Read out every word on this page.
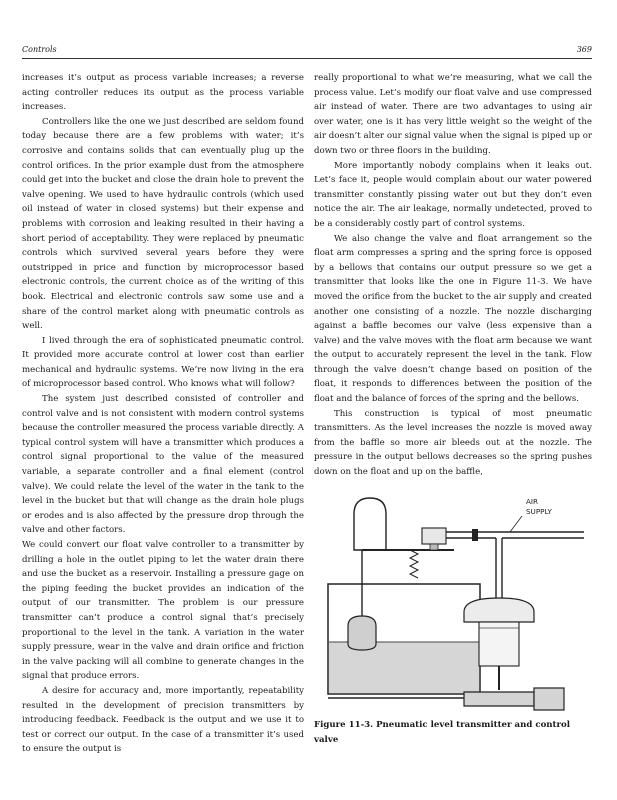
Controls	369

increases it’s output as process variable increases; a reverse acting controller reduces its output as the process variable increases.

Controllers like the one we just described are seldom found today because there are a few problems with water; it’s corrosive and contains solids that can eventually plug up the control orifices. In the prior example dust from the atmosphere could get into the bucket and close the drain hole to prevent the valve opening. We used to have hydraulic controls (which used oil instead of water in closed systems) but their expense and problems with corrosion and leaking resulted in their having a short period of acceptability. They were replaced by pneumatic controls which survived several years before they were outstripped in price and function by microprocessor based electronic controls, the current choice as of the writing of this book. Electrical and electronic controls saw some use and a share of the control market along with pneumatic controls as well.

I lived through the era of sophisticated pneumatic control. It provided more accurate control at lower cost than earlier mechanical and hydraulic systems. We’re now living in the era of microprocessor based control. Who knows what will follow?

The system just described consisted of controller and control valve and is not consistent with modern control systems because the controller measured the process variable directly. A typical control system will have a transmitter which produces a control signal proportional to the value of the measured variable, a separate controller and a final element (control valve). We could relate the level of the water in the tank to the level in the bucket but that will change as the drain hole plugs or erodes and is also affected by the pressure drop through the valve and other factors.

We could convert our float valve controller to a transmitter by drilling a hole in the outlet piping to let the water drain there and use the bucket as a reservoir. Installing a pressure gage on the piping feeding the bucket provides an indication of the output of our transmitter. The problem is our pressure transmitter can’t produce a control signal that’s precisely proportional to the level in the tank. A variation in the water supply pressure, wear in the valve and drain orifice and friction in the valve packing will all combine to generate changes in the signal that produce errors.

A desire for accuracy and, more importantly, repeatability resulted in the development of precision transmitters by introducing feedback. Feedback is the output and we use it to test or correct our output. In the case of a transmitter it’s used to ensure the output is

really proportional to what we’re measuring, what we call the process value. Let’s modify our float valve and use compressed air instead of water. There are two advantages to using air over water, one is it has very little weight so the weight of the air doesn’t alter our signal value when the signal is piped up or down two or three floors in the building.

More importantly nobody complains when it leaks out. Let’s face it, people would complain about our water powered transmitter constantly pissing water out but they don’t even notice the air. The air leakage, normally undetected, proved to be a considerably costly part of control systems.

We also change the valve and float arrangement so the float arm compresses a spring and the spring force is opposed by a bellows that contains our output pressure so we get a transmitter that looks like the one in Figure 11-3. We have moved the orifice from the bucket to the air supply and created another one consisting of a nozzle. The nozzle discharging against a baffle becomes our valve (less expensive than a valve) and the valve moves with the float arm because we want the output to accurately represent the level in the tank. Flow through the valve doesn’t change based on position of the float, it responds to differences between the position of the float and the balance of forces of the spring and the bellows.

This construction is typical of most pneumatic transmitters. As the level increases the nozzle is moved away from the baffle so more air bleeds out at the nozzle. The pressure in the output bellows decreases so the spring pushes down on the float and up on the baffle,

AIR
SUPPLY
Figure 11-3. Pneumatic level transmitter and control valve
